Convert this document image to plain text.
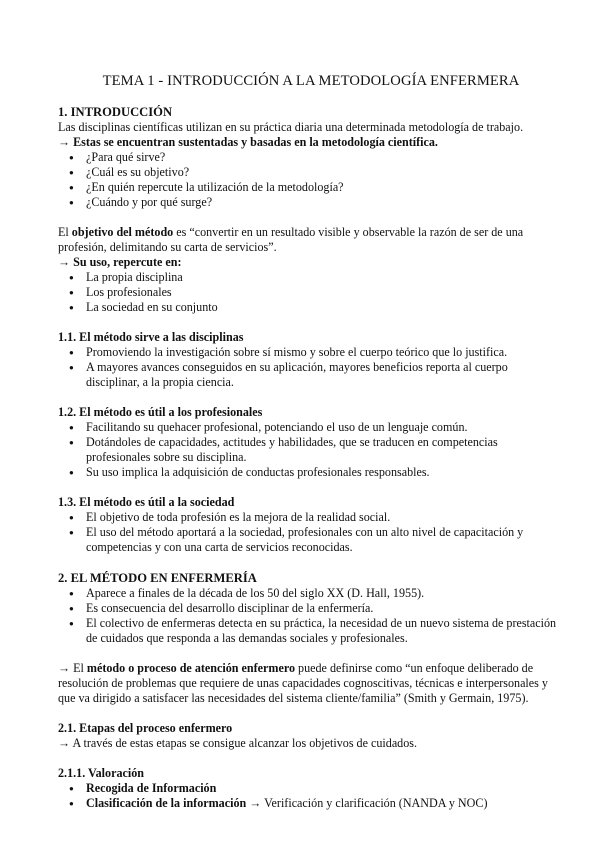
TEMA 1 - INTRODUCCIÓN A LA METODOLOGÍA ENFERMERA
1. INTRODUCCIÓN

Las disciplinas científicas utilizan en su práctica diaria una determinada metodología de trabajo.

→ Estas se encuentran sustentadas y basadas en la metodología científica.

● ¿Para qué sirve?
● ¿Cuál es su objetivo?
● ¿En quién repercute la utilización de la metodología?
● ¿Cuándo y por qué surge?

El objetivo del método es “convertir en un resultado visible y observable la razón de ser de una profesión, delimitando su carta de servicios”.

→ Su uso, repercute en:

● La propia disciplina
● Los profesionales
● La sociedad en su conjunto
1.1. El método sirve a las disciplinas
● Promoviendo la investigación sobre sí mismo y sobre el cuerpo teórico que lo justifica.
● A mayores avances conseguidos en su aplicación, mayores beneficios reporta al cuerpo disciplinar, a la propia ciencia.
1.2. El método es útil a los profesionales
● Facilitando su quehacer profesional, potenciando el uso de un lenguaje común.
● Dotándoles de capacidades, actitudes y habilidades, que se traducen en competencias profesionales sobre su disciplina.
● Su uso implica la adquisición de conductas profesionales responsables.
1.3. El método es útil a la sociedad
● El objetivo de toda profesión es la mejora de la realidad social.
● El uso del método aportará a la sociedad, profesionales con un alto nivel de capacitación y competencias y con una carta de servicios reconocidas.
2. EL MÉTODO EN ENFERMERÍA
● Aparece a finales de la década de los 50 del siglo XX (D. Hall, 1955).
● Es consecuencia del desarrollo disciplinar de la enfermería.
● El colectivo de enfermeras detecta en su práctica, la necesidad de un nuevo sistema de prestación de cuidados que responda a las demandas sociales y profesionales.

→ El método o proceso de atención enfermero puede definirse como “un enfoque deliberado de resolución de problemas que requiere de unas capacidades cognoscitivas, técnicas e interpersonales y que va dirigido a satisfacer las necesidades del sistema cliente/familia” (Smith y Germain, 1975).

2.1. Etapas del proceso enfermero

→ A través de estas etapas se consigue alcanzar los objetivos de cuidados.

2.1.1. Valoración
● Recogida de Información
● Clasificación de la información → Verificación y clarificación (NANDA y NOC)
